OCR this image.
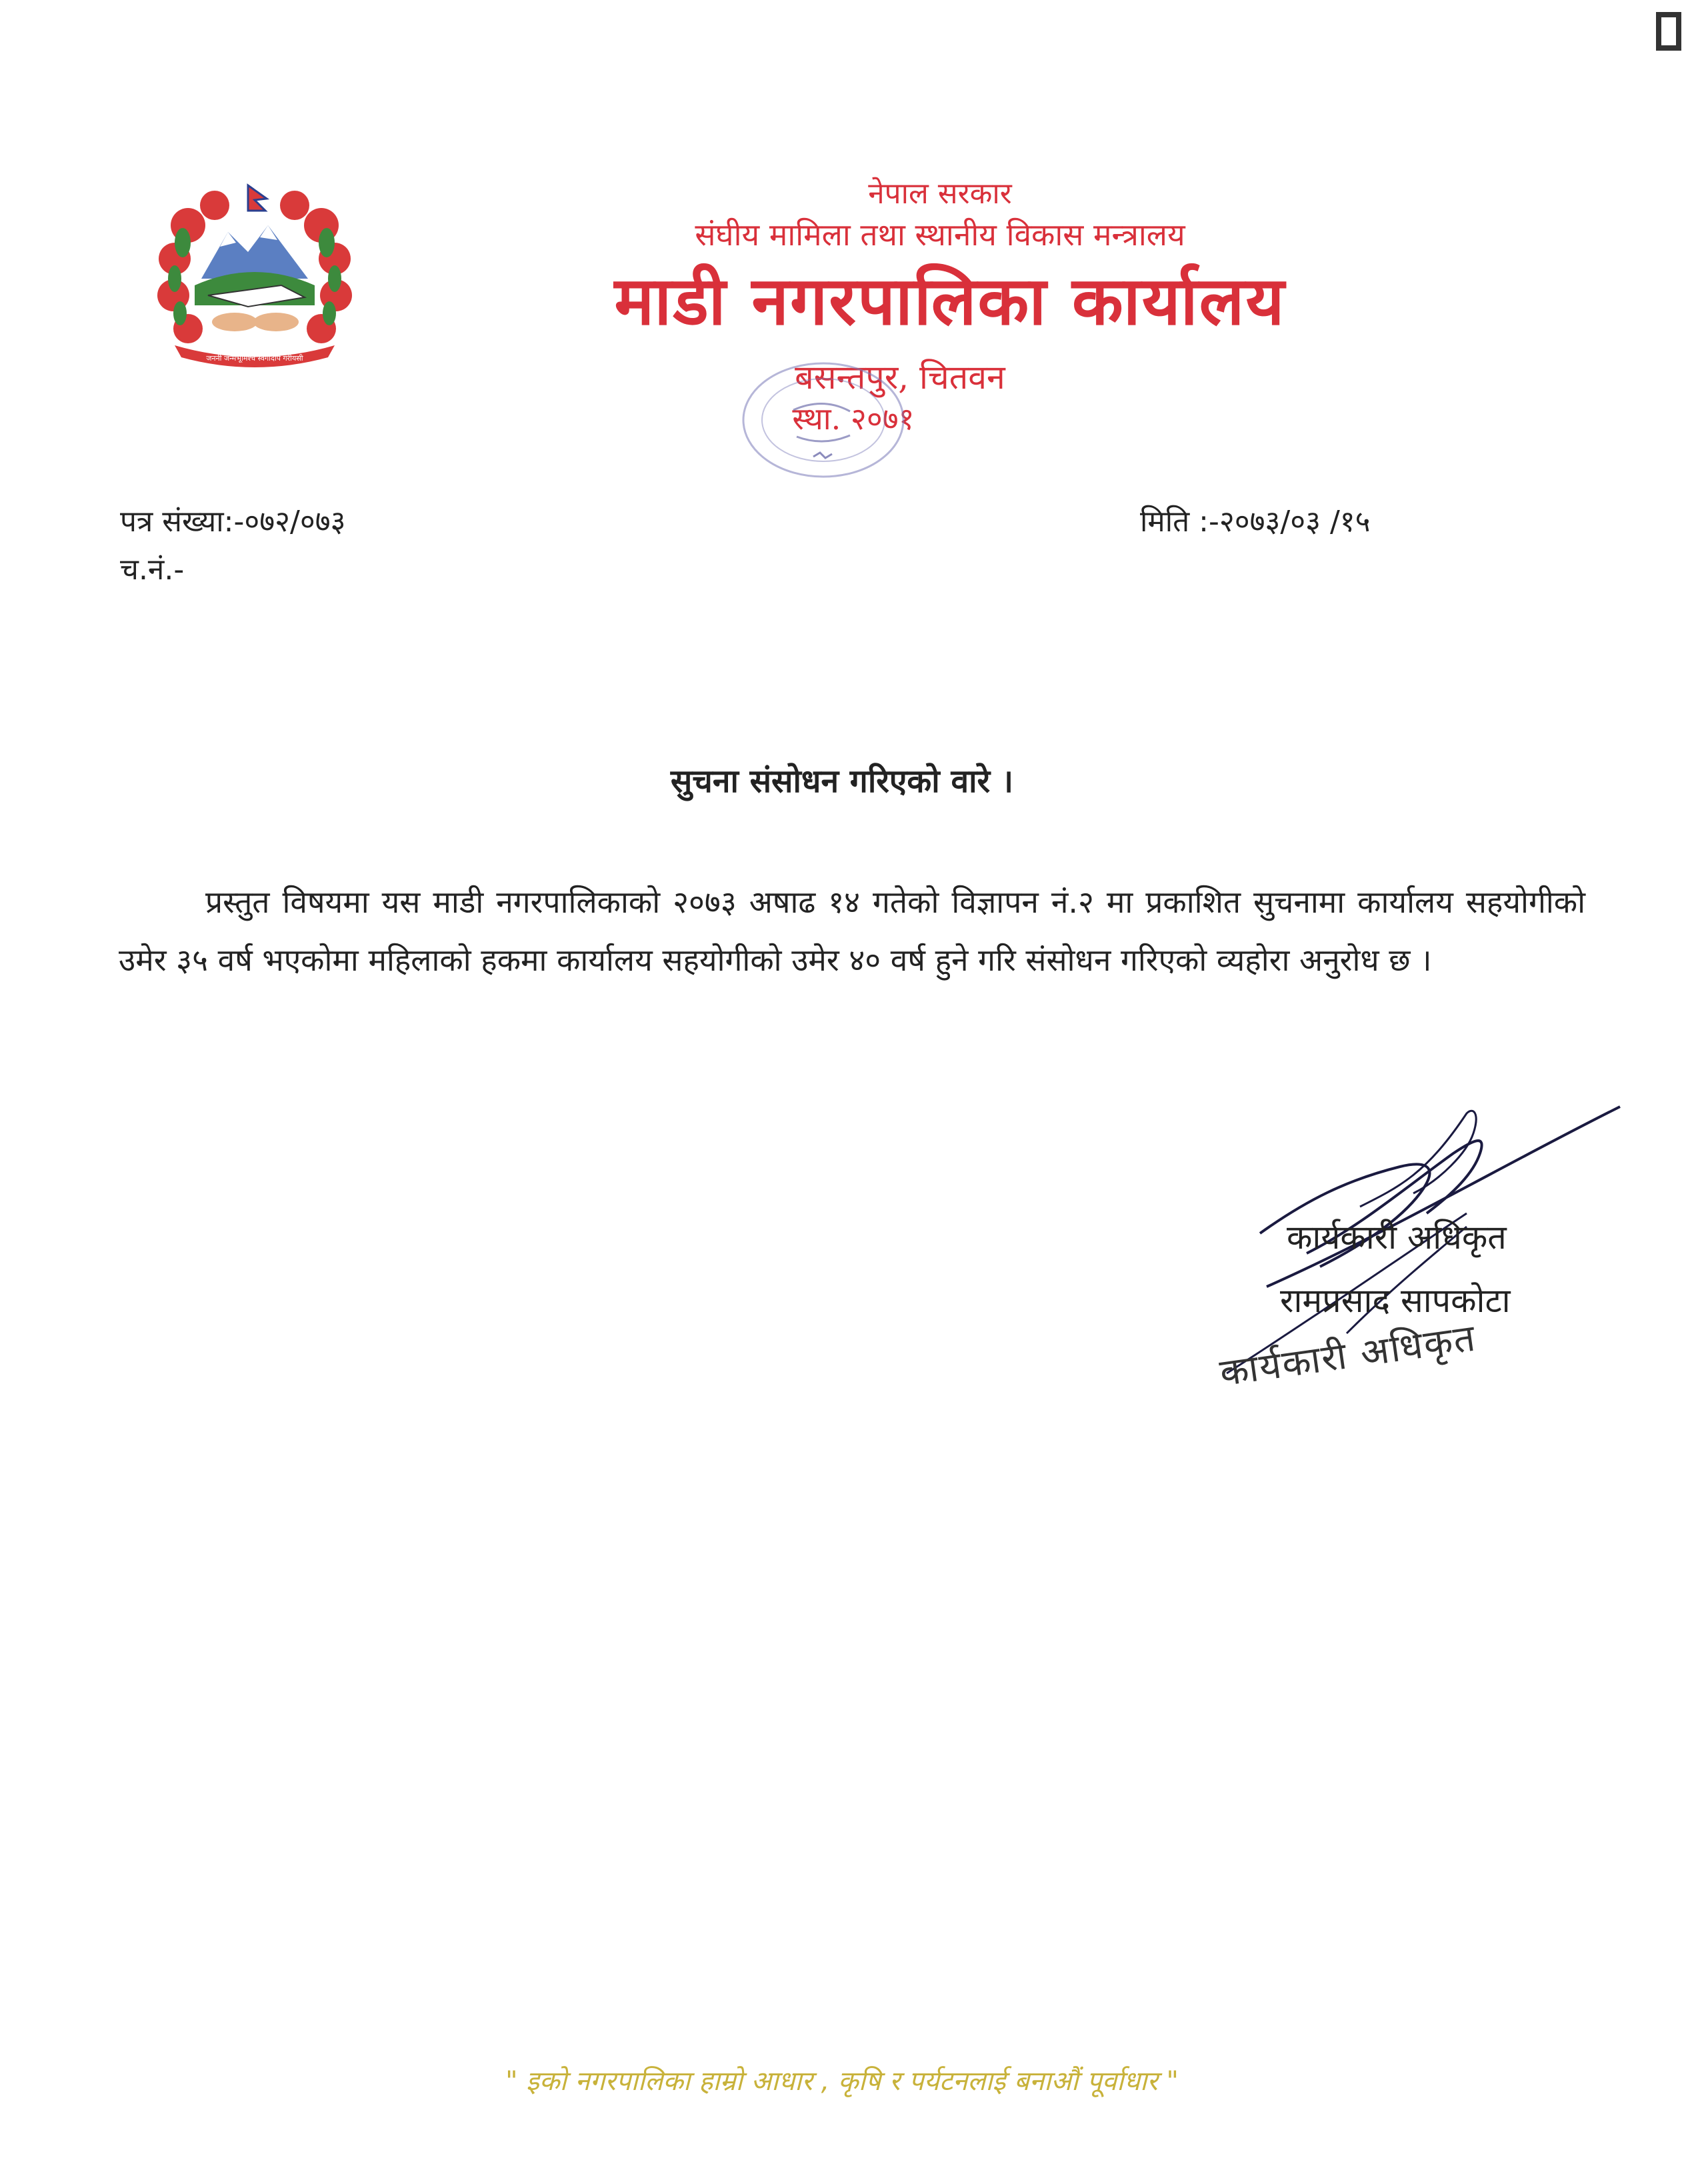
जननी जन्मभूमिश्च स्वर्गादपि गरीयसी
नेपाल सरकार
संघीय मामिला तथा स्थानीय विकास मन्त्रालय
माडी नगरपालिका कार्यालय
बसन्तपुर, चितवन
स्था. २०७१
पत्र संख्या:-०७२/०७३
च.नं.-
मिति :-२०७३/०३ /१५
सुचना संसोधन गरिएको वारे ।
प्रस्तुत विषयमा यस माडी नगरपालिकाको २०७३ अषाढ १४ गतेको विज्ञापन नं.२ मा प्रकाशित सुचनामा कार्यालय सहयोगीको उमेर ३५ वर्ष भएकोमा महिलाको हकमा कार्यालय सहयोगीको उमेर ४० वर्ष हुने गरि संसोधन गरिएको व्यहोरा अनुरोध छ ।
कार्यकारी अधिकृत
रामप्रसाद सापकोटा
कार्यकारी अधिकृत
" इको नगरपालिका हाम्रो आधार , कृषि र पर्यटनलाई बनाऔं पूर्वाधार "
